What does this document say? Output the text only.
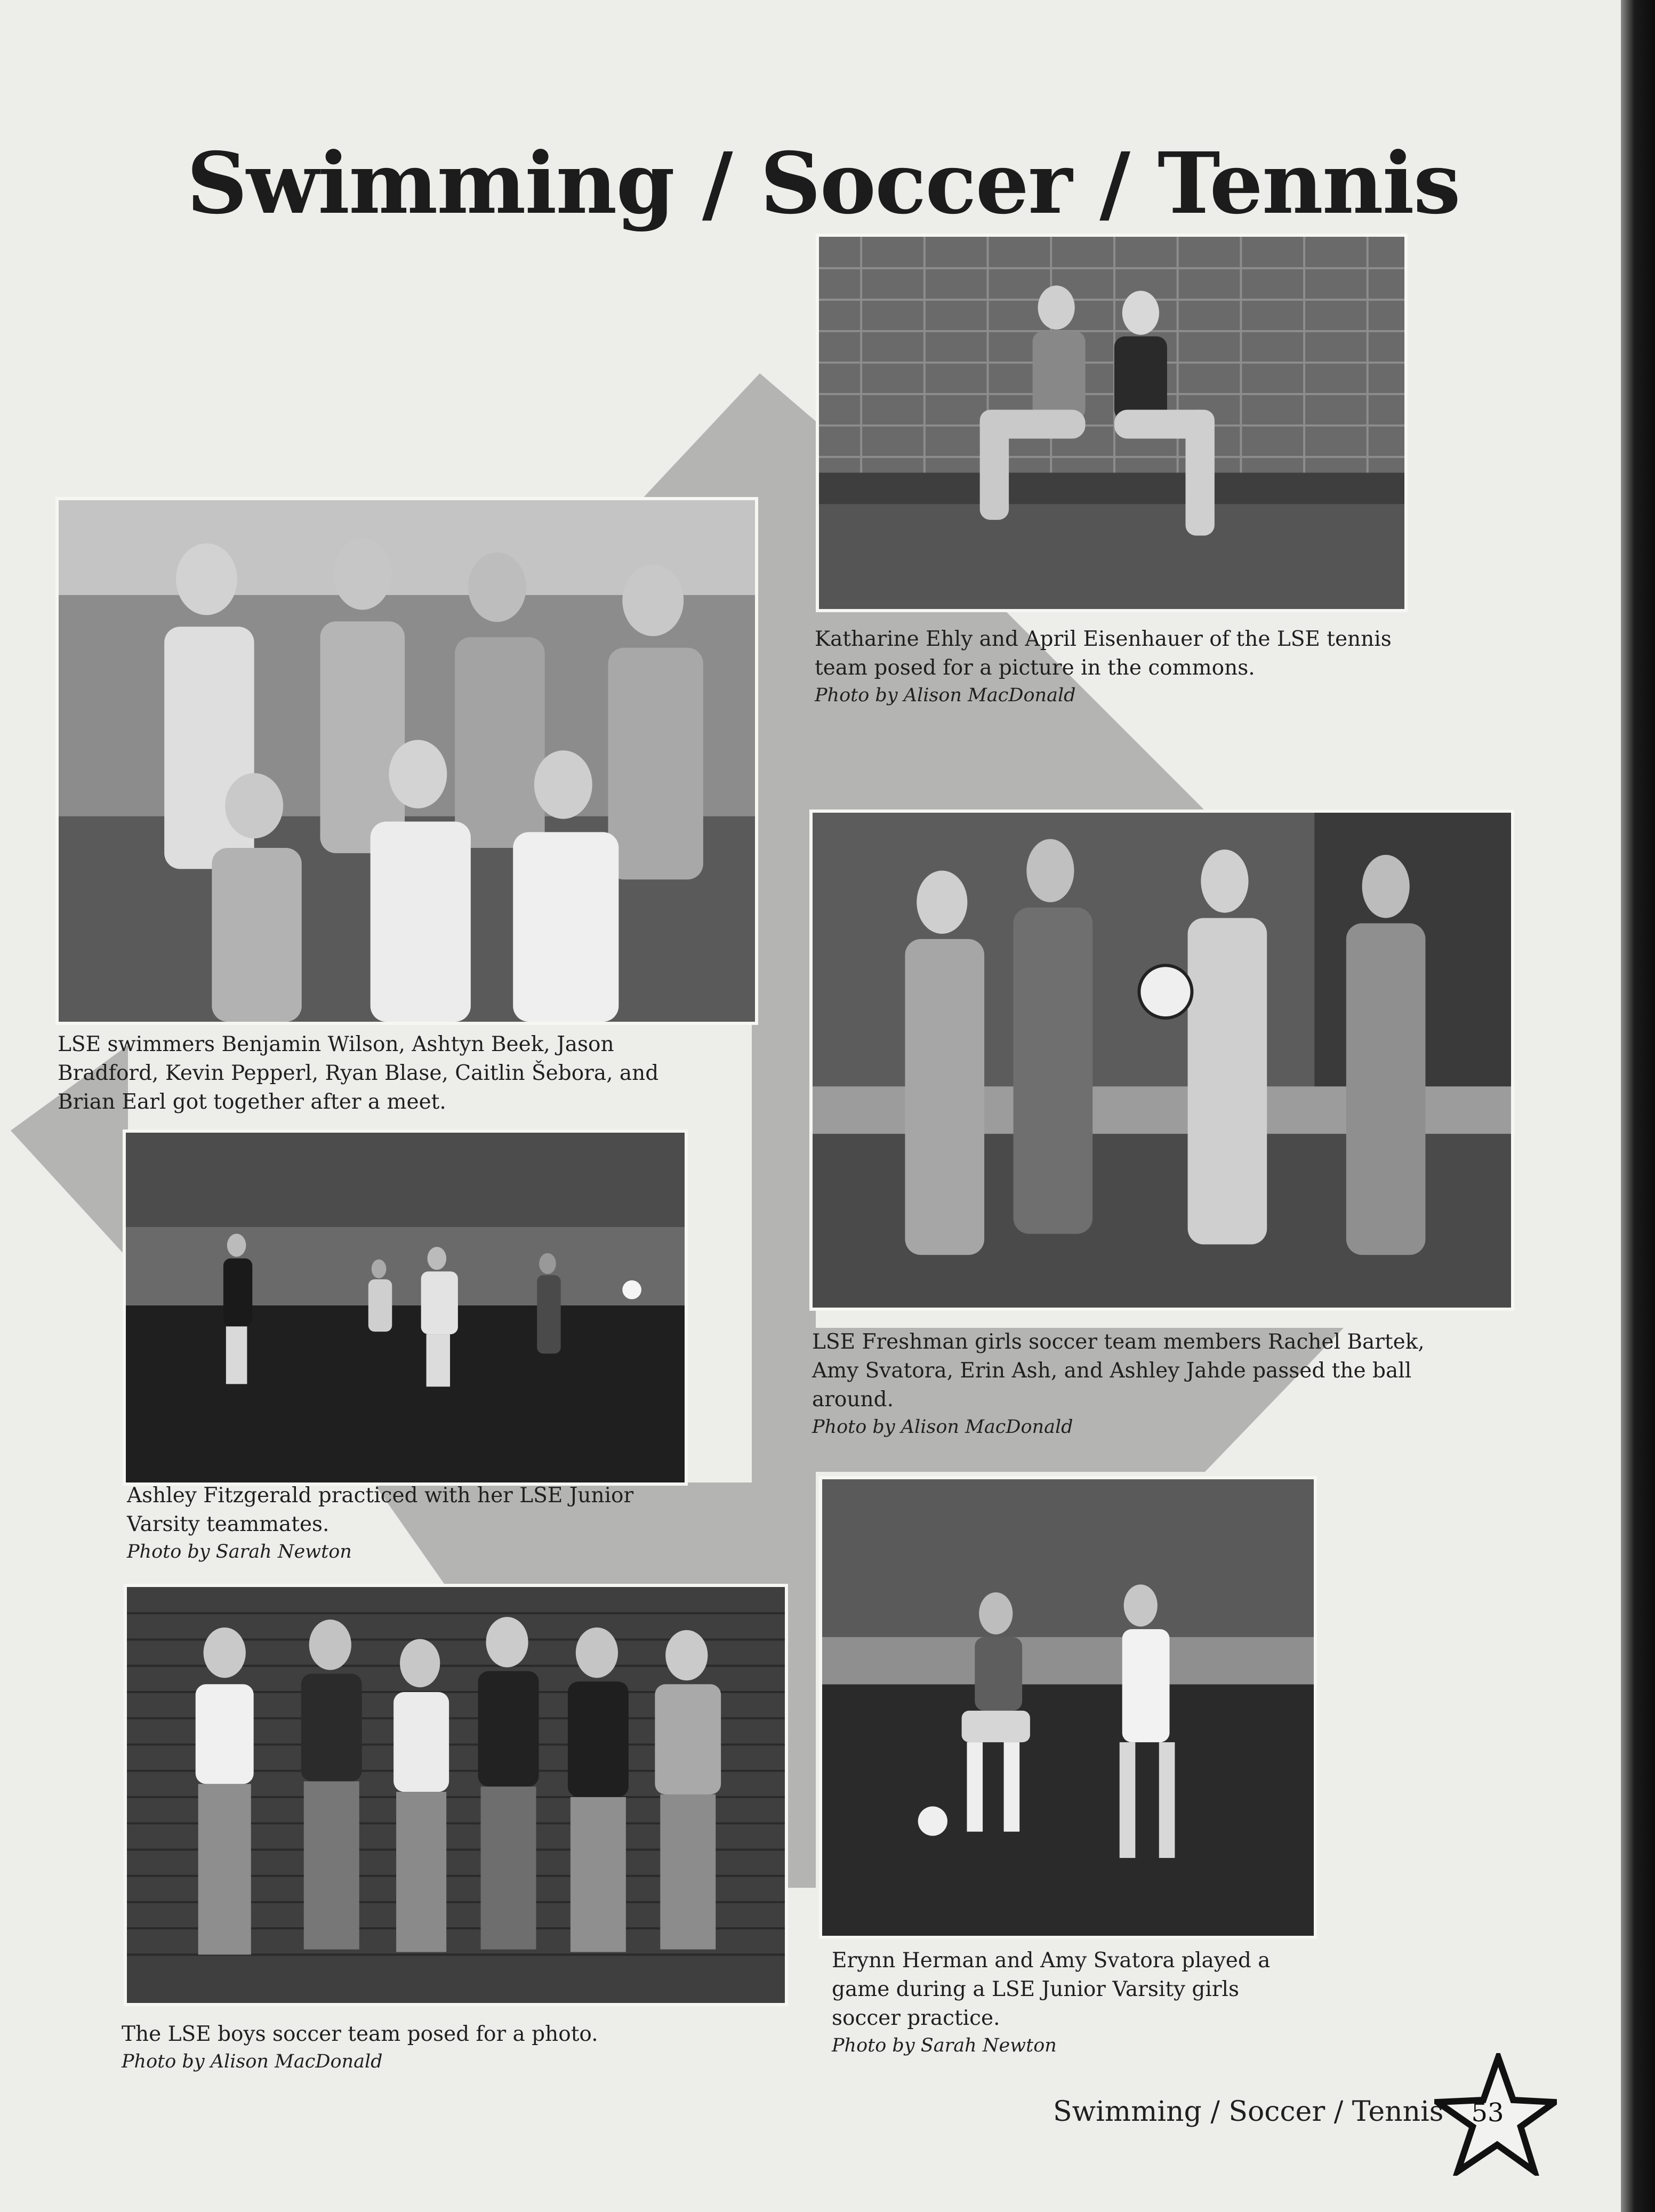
Swimming / Soccer / Tennis
Katharine Ehly and April Eisenhauer of the LSE tennis team posed for a picture in the commons.
Photo by Alison MacDonald
LSE swimmers Benjamin Wilson, Ashtyn Beek, Jason Bradford, Kevin Pepperl, Ryan Blase, Caitlin Šebora, and Brian Earl got together after a meet.
LSE Freshman girls soccer team members Rachel Bartek, Amy Svatora, Erin Ash, and Ashley Jahde passed the ball around.
Photo by Alison MacDonald
Ashley Fitzgerald practiced with her LSE Junior Varsity teammates.
Photo by Sarah Newton
The LSE boys soccer team posed for a photo.
Photo by Alison MacDonald
Erynn Herman and Amy Svatora played a game during a LSE Junior Varsity girls soccer practice.
Photo by Sarah Newton
Swimming / Soccer / Tennis	53
